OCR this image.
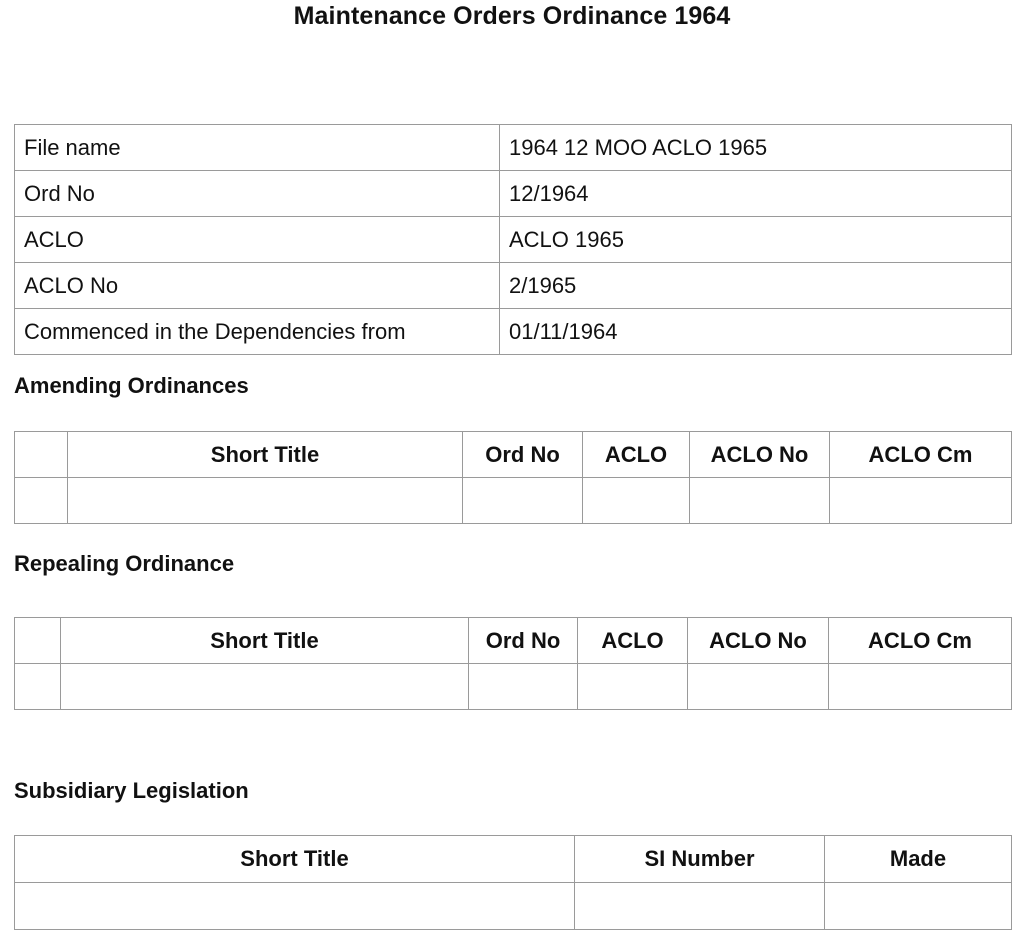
Maintenance Orders Ordinance 1964
File name	1964 12 MOO ACLO 1965
Ord No	12/1964
ACLO	ACLO 1965
ACLO No	2/1965
Commenced in the Dependencies from	01/11/1964
Amending Ordinances
	Short Title	Ord No	ACLO	ACLO No	ACLO Cm

Repealing Ordinance
	Short Title	Ord No	ACLO	ACLO No	ACLO Cm

Subsidiary Legislation
Short Title	SI Number	Made
